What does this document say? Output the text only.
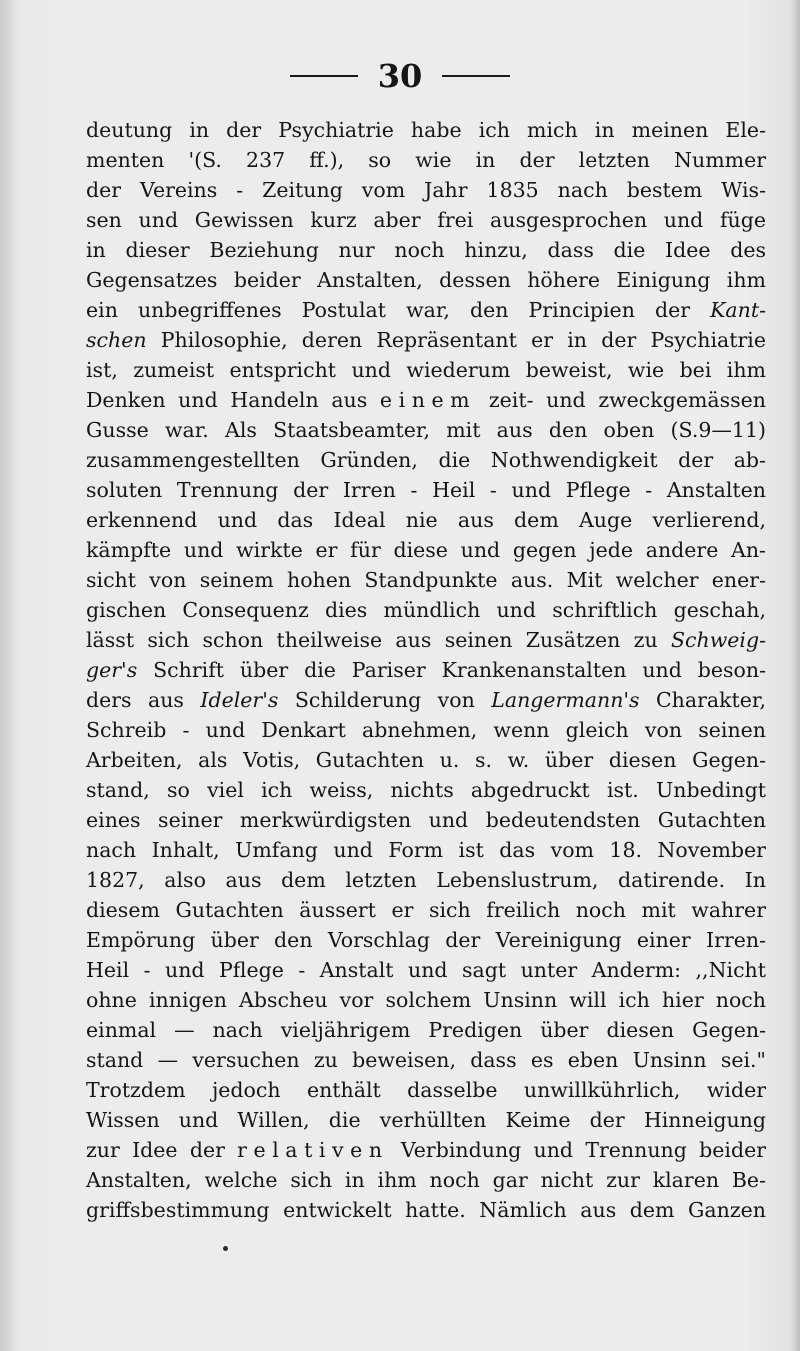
30
deutung in der Psychiatrie habe ich mich in meinen Ele-
menten '(S. 237 ff.), so wie in der letzten Nummer
der Vereins - Zeitung vom Jahr 1835 nach bestem Wis-
sen und Gewissen kurz aber frei ausgesprochen und füge
in dieser Beziehung nur noch hinzu, dass die Idee des
Gegensatzes beider Anstalten, dessen höhere Einigung ihm
ein unbegriffenes Postulat war, den Principien der Kant-
schen Philosophie, deren Repräsentant er in der Psychiatrie
ist, zumeist entspricht und wiederum beweist, wie bei ihm
Denken und Handeln aus einem zeit- und zweckgemässen
Gusse war. Als Staatsbeamter, mit aus den oben (S.9—11)
zusammengestellten Gründen, die Nothwendigkeit der ab-
soluten Trennung der Irren - Heil - und Pflege - Anstalten
erkennend und das Ideal nie aus dem Auge verlierend,
kämpfte und wirkte er für diese und gegen jede andere An-
sicht von seinem hohen Standpunkte aus. Mit welcher ener-
gischen Consequenz dies mündlich und schriftlich geschah,
lässt sich schon theilweise aus seinen Zusätzen zu Schweig-
ger's Schrift über die Pariser Krankenanstalten und beson-
ders aus Ideler's Schilderung von Langermann's Charakter,
Schreib - und Denkart abnehmen, wenn gleich von seinen
Arbeiten, als Votis, Gutachten u. s. w. über diesen Gegen-
stand, so viel ich weiss, nichts abgedruckt ist. Unbedingt
eines seiner merkwürdigsten und bedeutendsten Gutachten
nach Inhalt, Umfang und Form ist das vom 18. November
1827, also aus dem letzten Lebenslustrum, datirende. In
diesem Gutachten äussert er sich freilich noch mit wahrer
Empörung über den Vorschlag der Vereinigung einer Irren-
Heil - und Pflege - Anstalt und sagt unter Anderm: ,,Nicht
ohne innigen Abscheu vor solchem Unsinn will ich hier noch
einmal — nach vieljährigem Predigen über diesen Gegen-
stand — versuchen zu beweisen, dass es eben Unsinn sei."
Trotzdem jedoch enthält dasselbe unwillkührlich, wider
Wissen und Willen, die verhüllten Keime der Hinneigung
zur Idee der relativen Verbindung und Trennung beider
Anstalten, welche sich in ihm noch gar nicht zur klaren Be-
griffsbestimmung entwickelt hatte. Nämlich aus dem Ganzen
